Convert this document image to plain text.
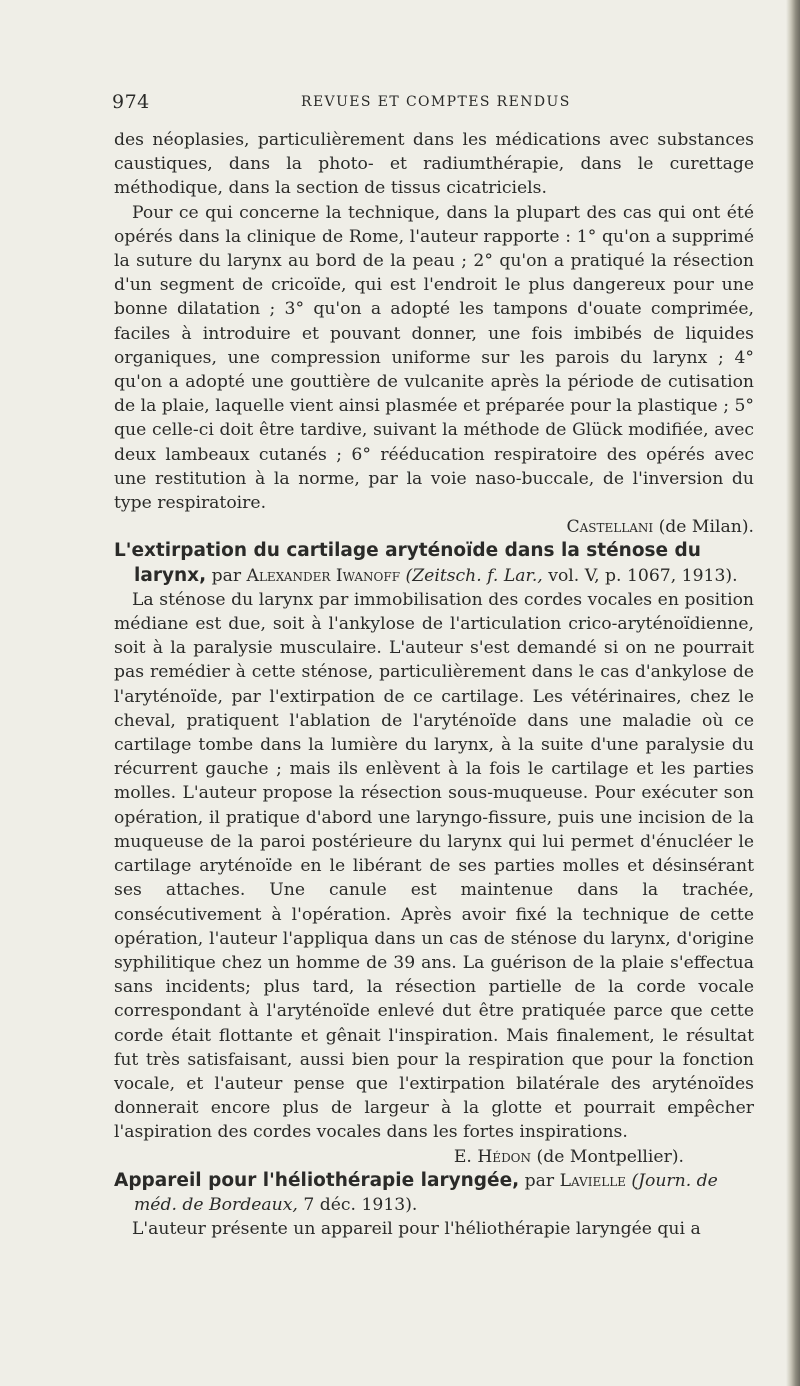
974	REVUES ET COMPTES RENDUS

des néoplasies, particulièrement dans les médications avec substances caustiques, dans la photo- et radiumthérapie, dans le curettage méthodique, dans la section de tissus cicatriciels.

Pour ce qui concerne la technique, dans la plupart des cas qui ont été opérés dans la clinique de Rome, l'auteur rapporte : 1° qu'on a supprimé la suture du larynx au bord de la peau ; 2° qu'on a pratiqué la résection d'un segment de cricoïde, qui est l'endroit le plus dangereux pour une bonne dilatation ; 3° qu'on a adopté les tampons d'ouate comprimée, faciles à introduire et pouvant donner, une fois imbibés de liquides organiques, une compression uniforme sur les parois du larynx ; 4° qu'on a adopté une gouttière de vulcanite après la période de cutisation de la plaie, laquelle vient ainsi plasmée et préparée pour la plastique ; 5° que celle-ci doit être tardive, suivant la méthode de Glück modifiée, avec deux lambeaux cutanés ; 6° rééducation respiratoire des opérés avec une restitution à la norme, par la voie naso-buccale, de l'inversion du type respiratoire.

Castellani (de Milan).

L'extirpation du cartilage aryténoïde dans la sténose du larynx, par Alexander Iwanoff (Zeitsch. f. Lar., vol. V, p. 1067, 1913).

La sténose du larynx par immobilisation des cordes vocales en position médiane est due, soit à l'ankylose de l'articulation crico-aryténoïdienne, soit à la paralysie musculaire. L'auteur s'est demandé si on ne pourrait pas remédier à cette sténose, particulièrement dans le cas d'ankylose de l'aryténoïde, par l'extirpation de ce cartilage. Les vétérinaires, chez le cheval, pratiquent l'ablation de l'aryténoïde dans une maladie où ce cartilage tombe dans la lumière du larynx, à la suite d'une paralysie du récurrent gauche ; mais ils enlèvent à la fois le cartilage et les parties molles. L'auteur propose la résection sous-muqueuse. Pour exécuter son opération, il pratique d'abord une laryngo-fissure, puis une incision de la muqueuse de la paroi postérieure du larynx qui lui permet d'énucléer le cartilage aryténoïde en le libérant de ses parties molles et désinsérant ses attaches. Une canule est maintenue dans la trachée, consécutivement à l'opération. Après avoir fixé la technique de cette opération, l'auteur l'appliqua dans un cas de sténose du larynx, d'origine syphilitique chez un homme de 39 ans. La guérison de la plaie s'effectua sans incidents; plus tard, la résection partielle de la corde vocale correspondant à l'aryténoïde enlevé dut être pratiquée parce que cette corde était flottante et gênait l'inspiration. Mais finalement, le résultat fut très satisfaisant, aussi bien pour la respiration que pour la fonction vocale, et l'auteur pense que l'extirpation bilatérale des aryténoïdes donnerait encore plus de largeur à la glotte et pourrait empêcher l'aspiration des cordes vocales dans les fortes inspirations.

E. Hédon (de Montpellier).

Appareil pour l'héliothérapie laryngée, par Lavielle (Journ. de méd. de Bordeaux, 7 déc. 1913).

L'auteur présente un appareil pour l'héliothérapie laryngée qui a
